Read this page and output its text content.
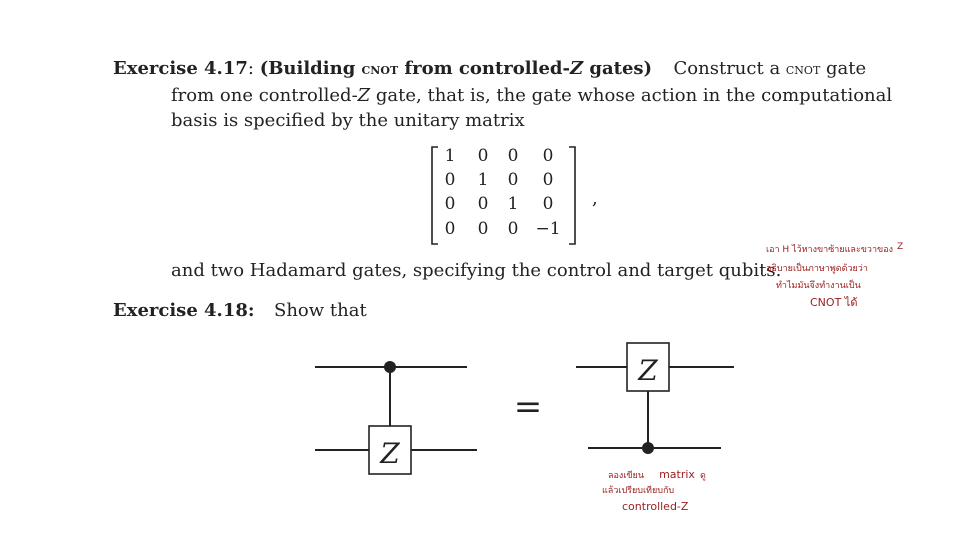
Exercise 4.17: (Building cnot from controlled-Z gates) Construct a cnot gate
from one controlled-Z gate, that is, the gate whose action in the computational
basis is specified by the unitary matrix
1	0	0	0
0	1	0	0
0	0	1	0
0	0	0	−1
,
and two Hadamard gates, specifying the control and target qubits.
Exercise 4.18: Show that
Z
=
Z
เอา H ไว้หางขาซ้ายและขวาของ Z
อธิบายเป็นภาษาพูดด้วยว่า
ทำไมมันจึงทำงานเป็น
CNOT ได้
ลองเขียน matrix ดู
แล้วเปรียบเทียบกับ
controlled-Z
